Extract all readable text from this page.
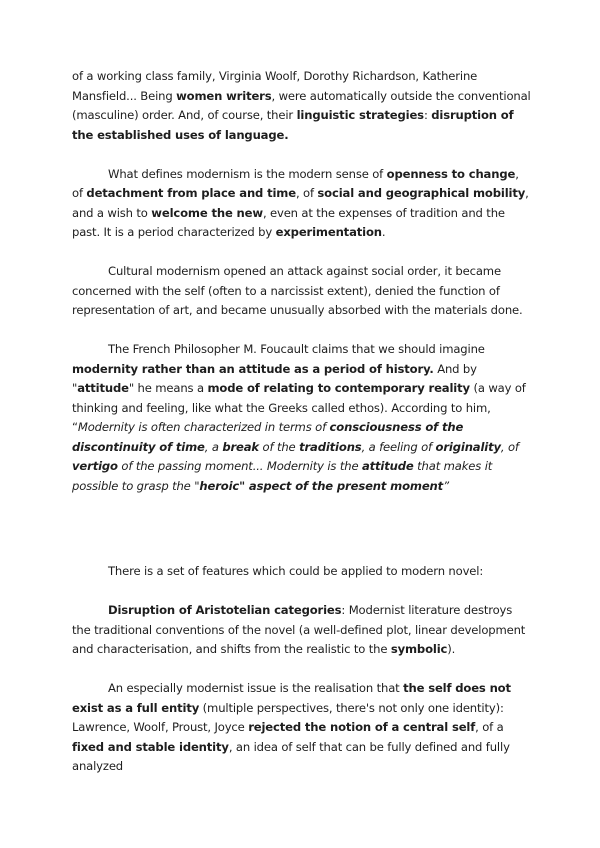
of a working class family, Virginia Woolf, Dorothy Richardson, Katherine Mansfield... Being women writers, were automatically outside the conventional (masculine) order. And, of course, their linguistic strategies: disruption of the established uses of language.

What defines modernism is the modern sense of openness to change, of detachment from place and time, of social and geographical mobility, and a wish to welcome the new, even at the expenses of tradition and the past. It is a period characterized by experimentation.

Cultural modernism opened an attack against social order, it became concerned with the self (often to a narcissist extent), denied the function of representation of art, and became unusually absorbed with the materials done.

The French Philosopher M. Foucault claims that we should imagine modernity rather than an attitude as a period of history. And by "attitude" he means a mode of relating to contemporary reality (a way of thinking and feeling, like what the Greeks called ethos). According to him, “Modernity is often characterized in terms of consciousness of the discontinuity of time, a break of the traditions, a feeling of originality, of vertigo of the passing moment... Modernity is the attitude that makes it possible to grasp the "heroic" aspect of the present moment”

There is a set of features which could be applied to modern novel:

Disruption of Aristotelian categories: Modernist literature destroys the traditional conventions of the novel (a well-defined plot, linear development and characterisation, and shifts from the realistic to the symbolic).

An especially modernist issue is the realisation that the self does not exist as a full entity (multiple perspectives, there's not only one identity): Lawrence, Woolf, Proust, Joyce rejected the notion of a central self, of a fixed and stable identity, an idea of self that can be fully defined and fully analyzed
